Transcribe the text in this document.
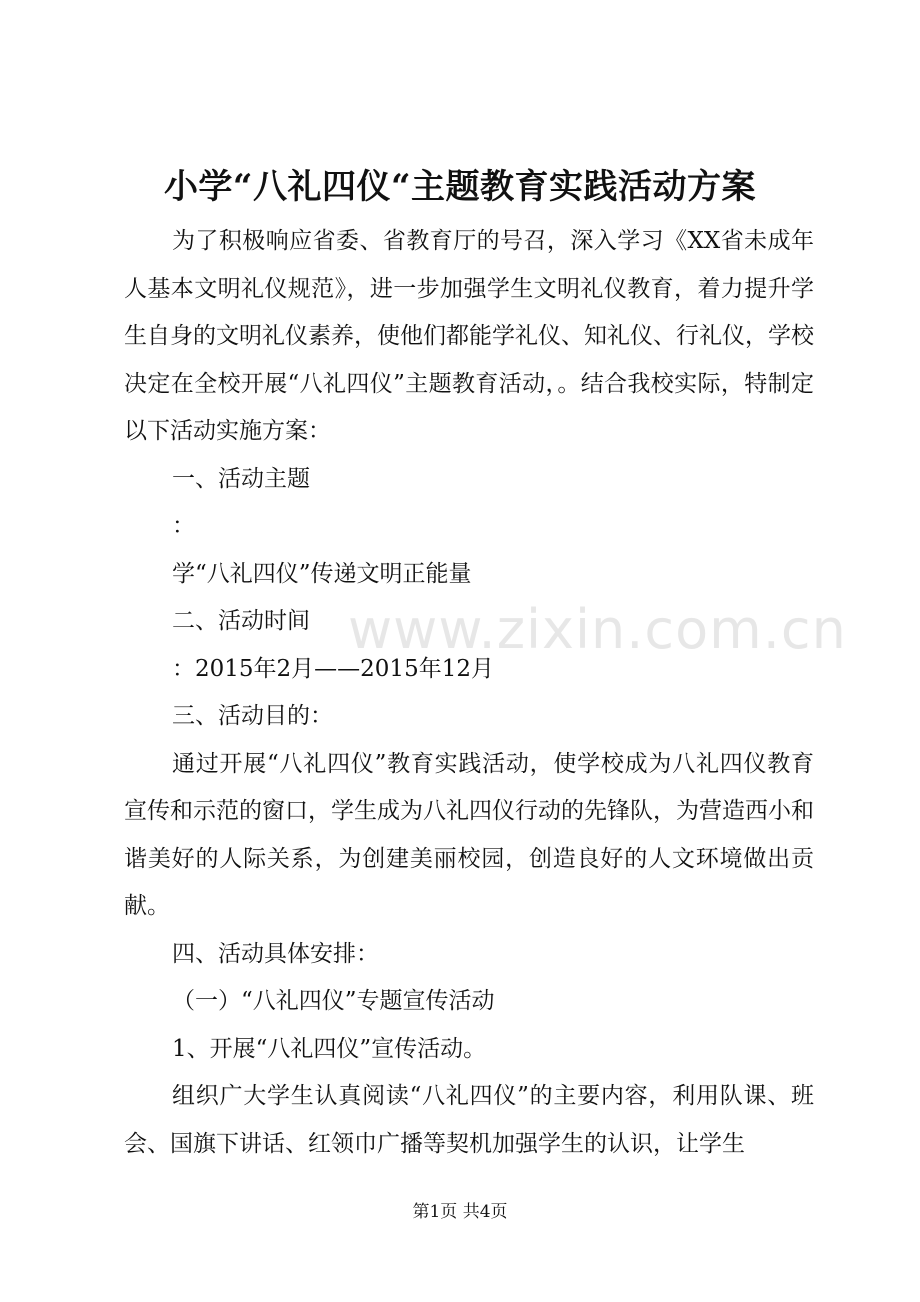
小学“八礼四仪“主题教育实践活动方案

为了积极响应省委、省教育厅的号召，深入学习《XX省未成年人基本文明礼仪规范》，进一步加强学生文明礼仪教育，着力提升学生自身的文明礼仪素养，使他们都能学礼仪、知礼仪、行礼仪，学校决定在全校开展“八礼四仪”主题教育活动，。结合我校实际，特制定以下活动实施方案：

一、活动主题

：

学“八礼四仪”传递文明正能量

二、活动时间

：2015年2月——2015年12月

三、活动目的：

通过开展“八礼四仪”教育实践活动，使学校成为八礼四仪教育宣传和示范的窗口，学生成为八礼四仪行动的先锋队，为营造西小和谐美好的人际关系，为创建美丽校园，创造良好的人文环境做出贡献。

四、活动具体安排：

（一）“八礼四仪”专题宣传活动

1、开展“八礼四仪”宣传活动。

组织广大学生认真阅读“八礼四仪”的主要内容，利用队课、班会、国旗下讲话、红领巾广播等契机加强学生的认识，让学生

www.zixin.com.cn
第1页 共4页
